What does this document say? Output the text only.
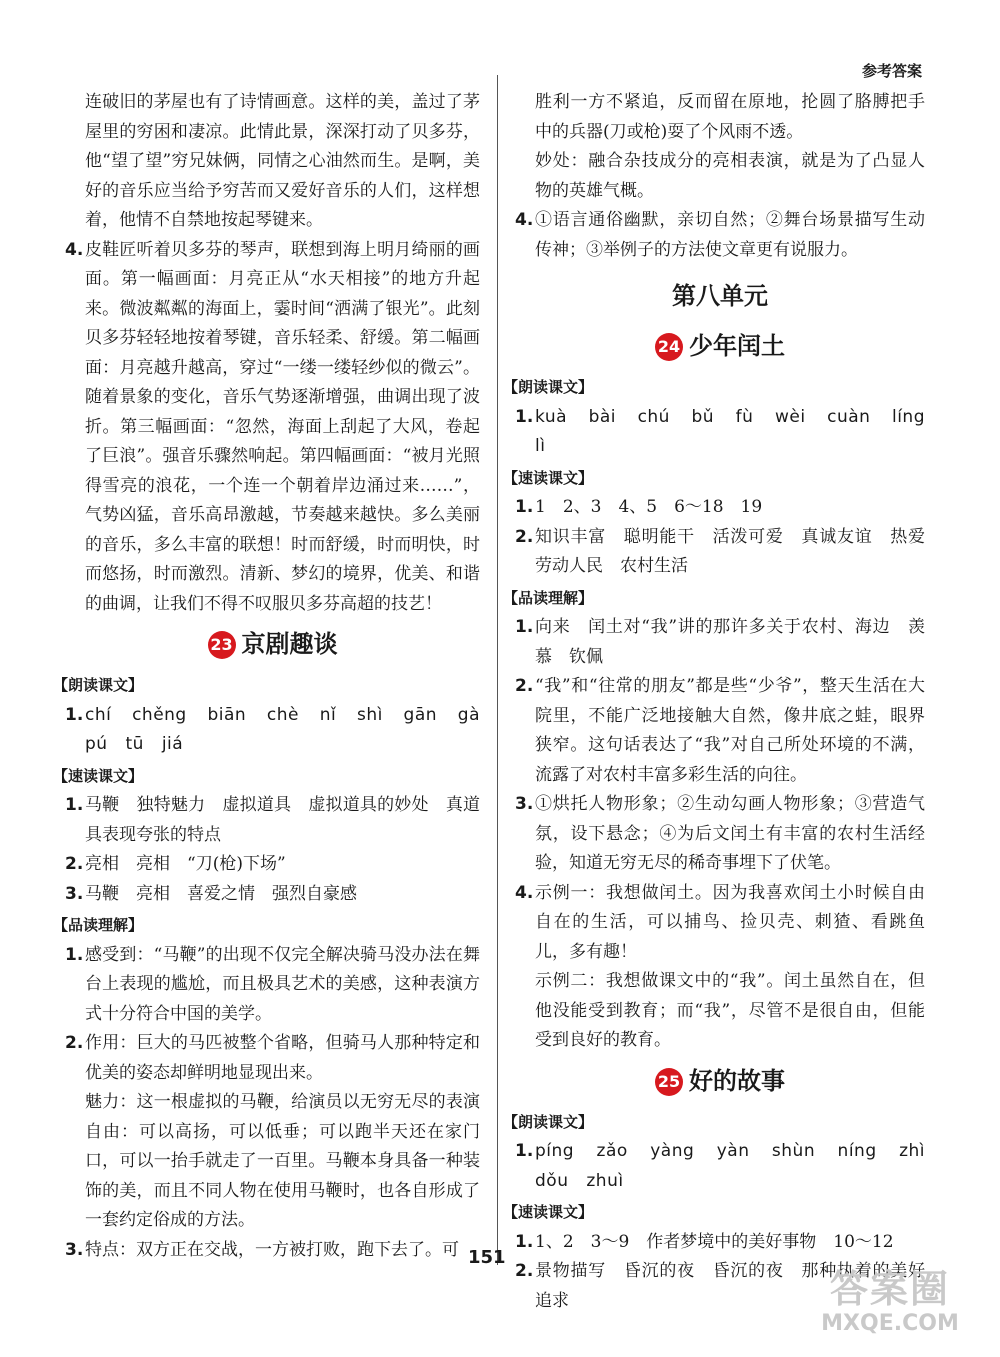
参考答案

连破旧的茅屋也有了诗情画意。这样的美，盖过了茅屋里的穷困和凄凉。此情此景，深深打动了贝多芬，他“望了望”穷兄妹俩，同情之心油然而生。是啊，美好的音乐应当给予穷苦而又爱好音乐的人们，这样想着，他情不自禁地按起琴键来。

4. 皮鞋匠听着贝多芬的琴声，联想到海上明月绮丽的画面。第一幅画面：月亮正从“水天相接”的地方升起来。微波粼粼的海面上，霎时间“洒满了银光”。此刻贝多芬轻轻地按着琴键，音乐轻柔、舒缓。第二幅画面：月亮越升越高，穿过“一缕一缕轻纱似的微云”。随着景象的变化，音乐气势逐渐增强，曲调出现了波折。第三幅画面：“忽然，海面上刮起了大风，卷起了巨浪”。强音乐骤然响起。第四幅画面：“被月光照得雪亮的浪花，一个连一个朝着岸边涌过来……”，气势凶猛，音乐高昂激越，节奏越来越快。多么美丽的音乐，多么丰富的联想！时而舒缓，时而明快，时而悠扬，时而激烈。清新、梦幻的境界，优美、和谐的曲调，让我们不得不叹服贝多芬高超的技艺！
23 京剧趣谈
【朗读课文】
1. chí chěng biān chè nǐ shì gān gà pú tū jiá
【速读课文】
1. 马鞭　独特魅力　虚拟道具　虚拟道具的妙处　真道具表现夸张的特点
2. 亮相　亮相　“刀(枪)下场”
3. 马鞭　亮相　喜爱之情　强烈自豪感
【品读理解】
1. 感受到：“马鞭”的出现不仅完全解决骑马没办法在舞台上表现的尴尬，而且极具艺术的美感，这种表演方式十分符合中国的美学。
2. 作用：巨大的马匹被整个省略，但骑马人那种特定和优美的姿态却鲜明地显现出来。

魅力：这一根虚拟的马鞭，给演员以无穷无尽的表演自由：可以高扬，可以低垂；可以跑半天还在家门口，可以一抬手就走了一百里。马鞭本身具备一种装饰的美，而且不同人物在使用马鞭时，也各自形成了一套约定俗成的方法。

3. 特点：双方正在交战，一方被打败，跑下去了。可

胜利一方不紧追，反而留在原地，抡圆了胳膊把手中的兵器(刀或枪)耍了个风雨不透。

妙处：融合杂技成分的亮相表演，就是为了凸显人物的英雄气概。

4. ①语言通俗幽默，亲切自然；②舞台场景描写生动传神；③举例子的方法使文章更有说服力。
第八单元
24 少年闰土
【朗读课文】
1. kuà bài chú bǔ fù wèi cuàn líng lì
【速读课文】
1. 1　2、3　4、5　6～18　19
2. 知识丰富　聪明能干　活泼可爱　真诚友谊　热爱劳动人民　农村生活
【品读理解】
1. 向来　闰土对“我”讲的那许多关于农村、海边　羡慕　钦佩
2. “我”和“往常的朋友”都是些“少爷”，整天生活在大院里，不能广泛地接触大自然，像井底之蛙，眼界狭窄。这句话表达了“我”对自己所处环境的不满，流露了对农村丰富多彩生活的向往。
3. ①烘托人物形象；②生动勾画人物形象；③营造气氛，设下悬念；④为后文闰土有丰富的农村生活经验，知道无穷无尽的稀奇事埋下了伏笔。
4. 示例一：我想做闰土。因为我喜欢闰土小时候自由自在的生活，可以捕鸟、捡贝壳、刺猹、看跳鱼儿，多有趣！

示例二：我想做课文中的“我”。闰土虽然自在，但他没能受到教育；而“我”，尽管不是很自由，但能受到良好的教育。

25 好的故事
【朗读课文】
1. píng zǎo yàng yàn shùn níng zhì dǒu zhuì
【速读课文】
1. 1、2　3～9　作者梦境中的美好事物　10～12
2. 景物描写　昏沉的夜　昏沉的夜　那种执着的美好追求
151
答案圈
MXQE.COM
